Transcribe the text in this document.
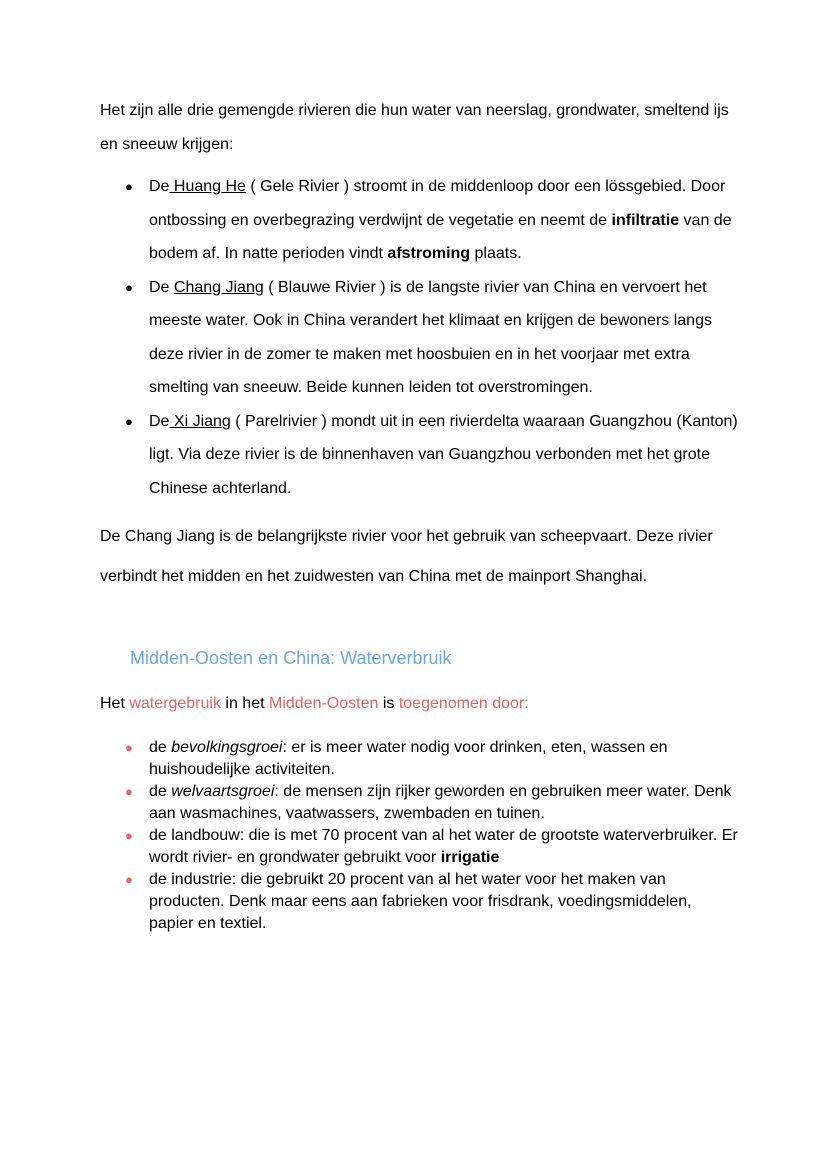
Het zijn alle drie gemengde rivieren die hun water van neerslag, grondwater, smeltend ijs en sneeuw krijgen:
● De Huang He ( Gele Rivier ) stroomt in de middenloop door een lössgebied. Door ontbossing en overbegrazing verdwijnt de vegetatie en neemt de infiltratie van de bodem af. In natte perioden vindt afstroming plaats.
● De Chang Jiang ( Blauwe Rivier ) is de langste rivier van China en vervoert het meeste water. Ook in China verandert het klimaat en krijgen de bewoners langs deze rivier in de zomer te maken met hoosbuien en in het voorjaar met extra smelting van sneeuw. Beide kunnen leiden tot overstromingen.
● De Xi Jiang ( Parelrivier ) mondt uit in een rivierdelta waaraan Guangzhou (Kanton) ligt. Via deze rivier is de binnenhaven van Guangzhou verbonden met het grote Chinese achterland.
De Chang Jiang is de belangrijkste rivier voor het gebruik van scheepvaart. Deze rivier verbindt het midden en het zuidwesten van China met de mainport Shanghai.
Midden-Oosten en China: Waterverbruik
Het watergebruik in het Midden-Oosten is toegenomen door:
● de bevolkingsgroei: er is meer water nodig voor drinken, eten, wassen en huishoudelijke activiteiten.
● de welvaartsgroei: de mensen zijn rijker geworden en gebruiken meer water. Denk aan wasmachines, vaatwassers, zwembaden en tuinen.
● de landbouw: die is met 70 procent van al het water de grootste waterverbruiker. Er wordt rivier- en grondwater gebruikt voor irrigatie
● de industrie: die gebruikt 20 procent van al het water voor het maken van producten. Denk maar eens aan fabrieken voor frisdrank, voedingsmiddelen, papier en textiel.
